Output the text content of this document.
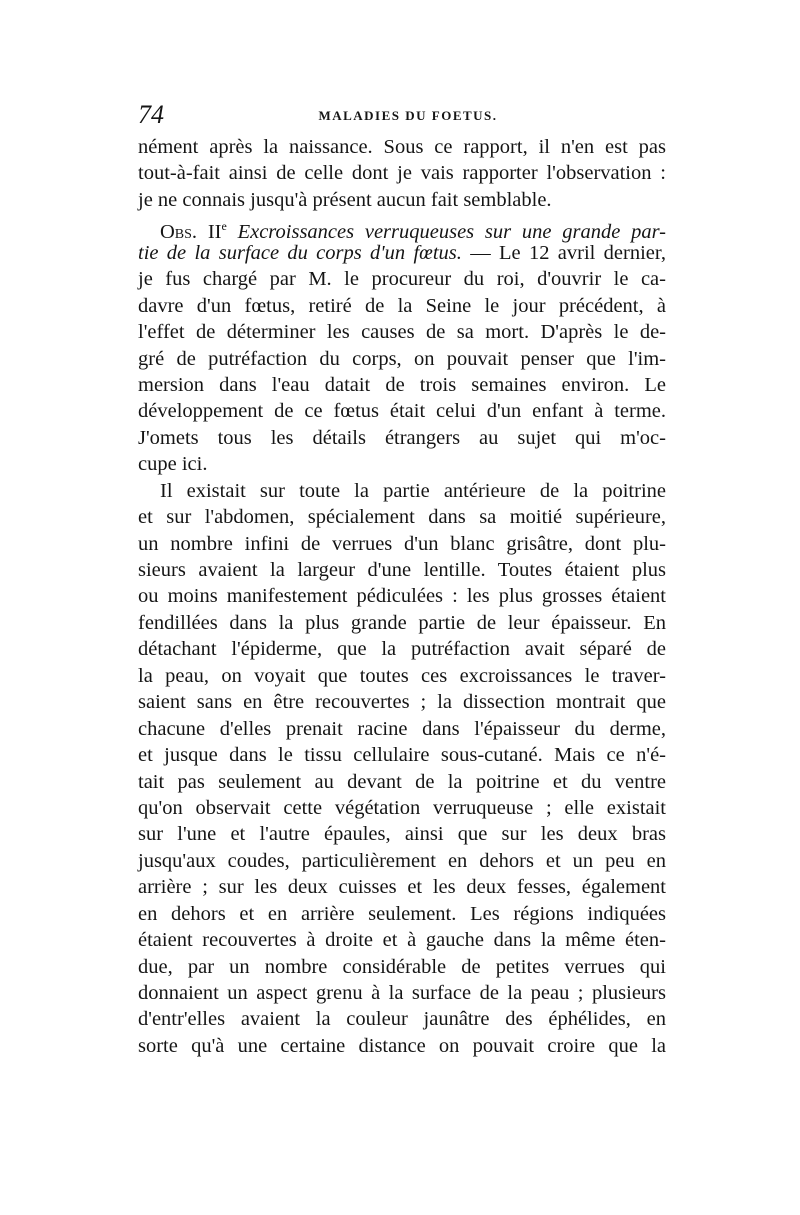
74	MALADIES DU FOETUS.
nément après la naissance. Sous ce rapport, il n'en est pas
tout-à-fait ainsi de celle dont je vais rapporter l'observation :
je ne connais jusqu'à présent aucun fait semblable.
Obs. IIe Excroissances verruqueuses sur une grande par-
tie de la surface du corps d'un fœtus. — Le 12 avril dernier,
je fus chargé par M. le procureur du roi, d'ouvrir le ca-
davre d'un fœtus, retiré de la Seine le jour précédent, à
l'effet de déterminer les causes de sa mort. D'après le de-
gré de putréfaction du corps, on pouvait penser que l'im-
mersion dans l'eau datait de trois semaines environ. Le
développement de ce fœtus était celui d'un enfant à terme.
J'omets tous les détails étrangers au sujet qui m'oc-
cupe ici.
Il existait sur toute la partie antérieure de la poitrine
et sur l'abdomen, spécialement dans sa moitié supérieure,
un nombre infini de verrues d'un blanc grisâtre, dont plu-
sieurs avaient la largeur d'une lentille. Toutes étaient plus
ou moins manifestement pédiculées : les plus grosses étaient
fendillées dans la plus grande partie de leur épaisseur. En
détachant l'épiderme, que la putréfaction avait séparé de
la peau, on voyait que toutes ces excroissances le traver-
saient sans en être recouvertes ; la dissection montrait que
chacune d'elles prenait racine dans l'épaisseur du derme,
et jusque dans le tissu cellulaire sous-cutané. Mais ce n'é-
tait pas seulement au devant de la poitrine et du ventre
qu'on observait cette végétation verruqueuse ; elle existait
sur l'une et l'autre épaules, ainsi que sur les deux bras
jusqu'aux coudes, particulièrement en dehors et un peu en
arrière ; sur les deux cuisses et les deux fesses, également
en dehors et en arrière seulement. Les régions indiquées
étaient recouvertes à droite et à gauche dans la même éten-
due, par un nombre considérable de petites verrues qui
donnaient un aspect grenu à la surface de la peau ; plusieurs
d'entr'elles avaient la couleur jaunâtre des éphélides, en
sorte qu'à une certaine distance on pouvait croire que la
